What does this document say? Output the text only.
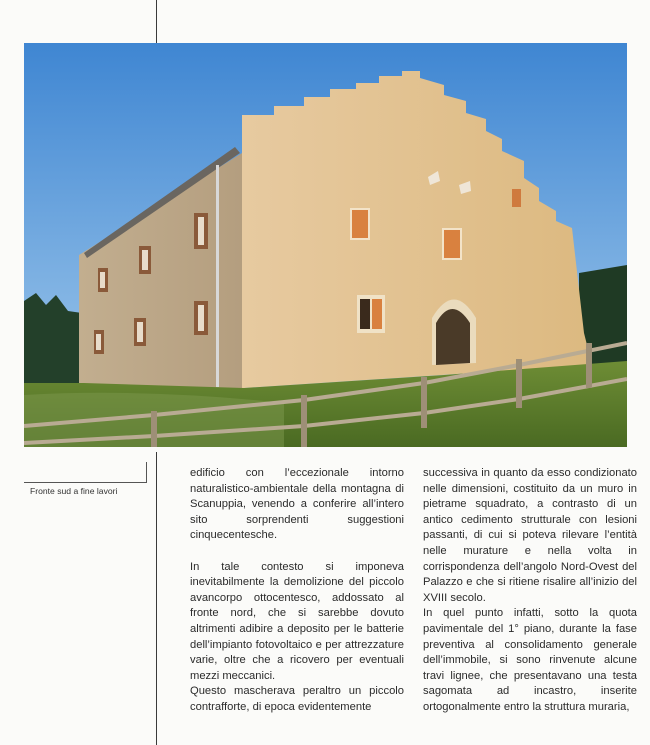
Fronte sud a fine lavori

edificio con l’eccezionale intorno naturalistico-ambientale della montagna di Scanuppia, venendo a conferire all’intero sito sorprendenti suggestioni cinquecentesche.

In tale contesto si imponeva inevitabilmente la demolizione del piccolo avancorpo ottocentesco, addossato al fronte nord, che si sarebbe dovuto altrimenti adibire a deposito per le batterie dell’impianto fotovoltaico e per attrezzature varie, oltre che a ricovero per eventuali mezzi meccanici.

Questo mascherava peraltro un piccolo contrafforte, di epoca evidentemente

successiva in quanto da esso condizionato nelle dimensioni, costituito da un muro in pietrame squadrato, a contrasto di un antico cedimento strutturale con lesioni passanti, di cui si poteva rilevare l’entità nelle murature e nella volta in corrispondenza dell’angolo Nord-Ovest del Palazzo e che si ritiene risalire all’inizio del XVIII secolo.

In quel punto infatti, sotto la quota pavimentale del 1° piano, durante la fase preventiva al consolidamento generale dell’immobile, si sono rinvenute alcune travi lignee, che presentavano una testa sagomata ad incastro, inserite ortogonalmente entro la struttura muraria,
